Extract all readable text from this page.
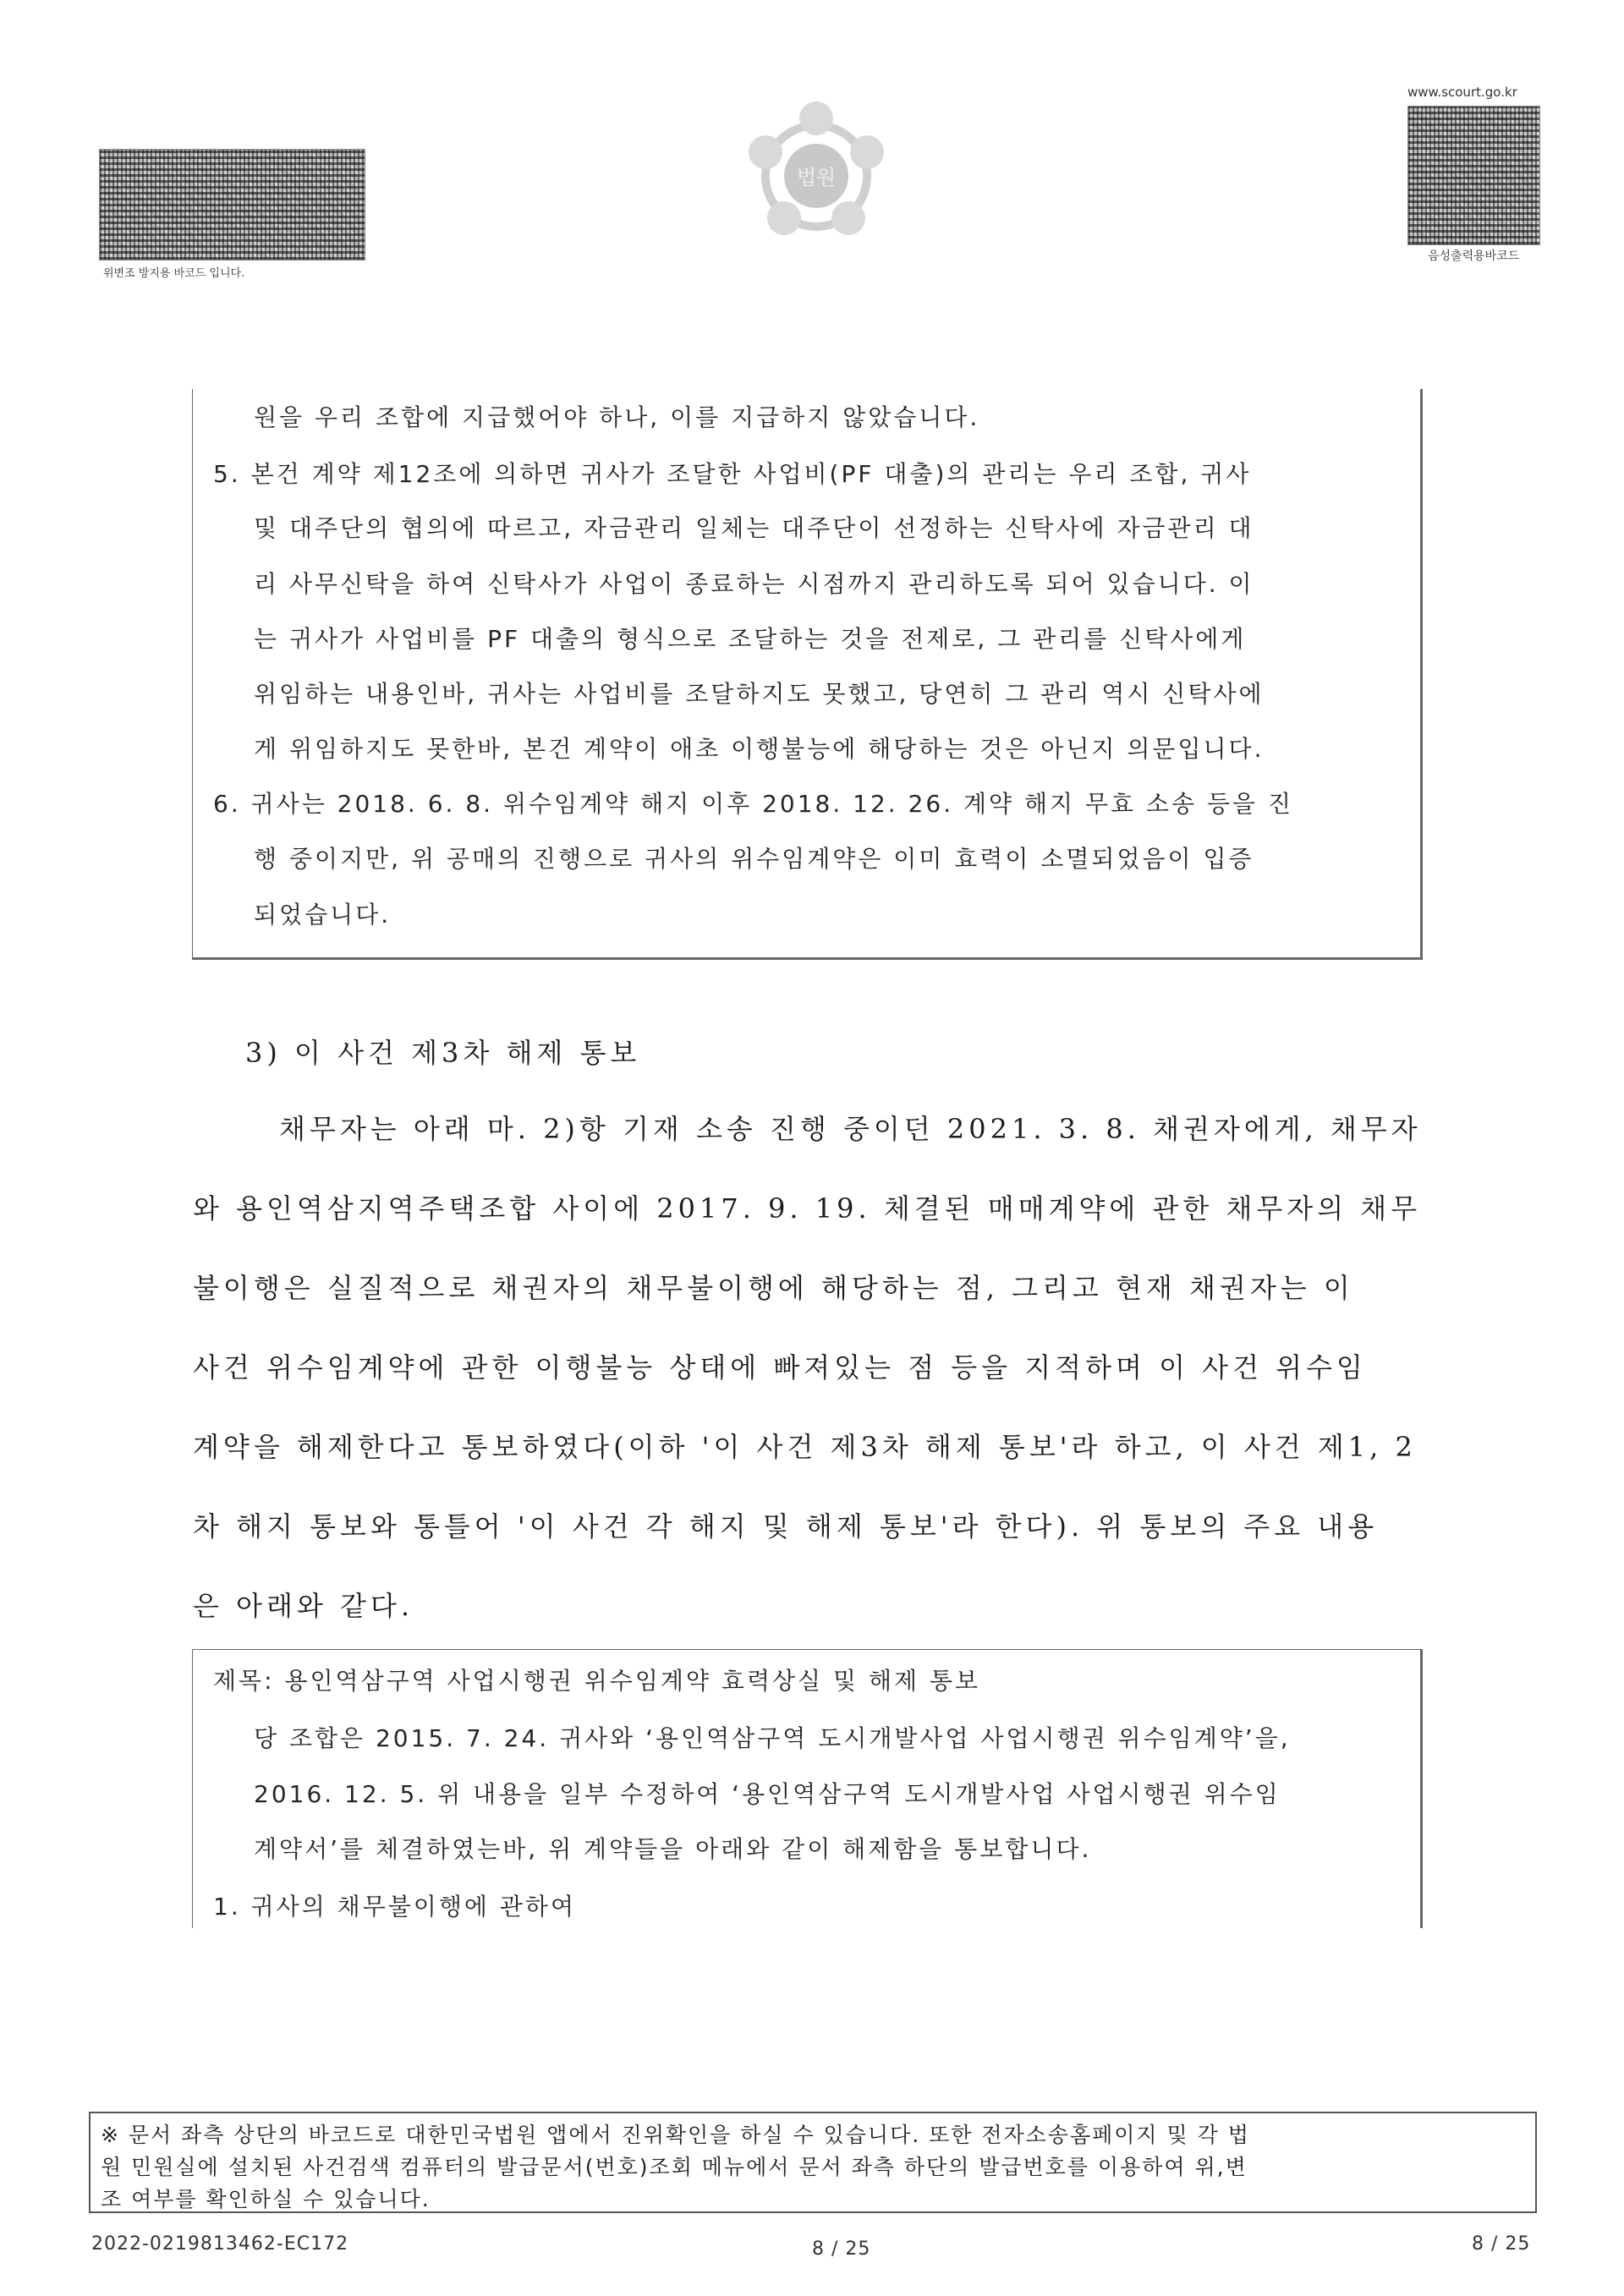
위변조 방지용 바코드 입니다.
법원
www.scourt.go.kr
음성출력용바코드
원을 우리 조합에 지급했어야 하나, 이를 지급하지 않았습니다.
5. 본건 계약 제12조에 의하면 귀사가 조달한 사업비(PF 대출)의 관리는 우리 조합, 귀사
및 대주단의 협의에 따르고, 자금관리 일체는 대주단이 선정하는 신탁사에 자금관리 대
리 사무신탁을 하여 신탁사가 사업이 종료하는 시점까지 관리하도록 되어 있습니다. 이
는 귀사가 사업비를 PF 대출의 형식으로 조달하는 것을 전제로, 그 관리를 신탁사에게
위임하는 내용인바, 귀사는 사업비를 조달하지도 못했고, 당연히 그 관리 역시 신탁사에
게 위임하지도 못한바, 본건 계약이 애초 이행불능에 해당하는 것은 아닌지 의문입니다.
6. 귀사는 2018. 6. 8. 위수임계약 해지 이후 2018. 12. 26. 계약 해지 무효 소송 등을 진
행 중이지만, 위 공매의 진행으로 귀사의 위수임계약은 이미 효력이 소멸되었음이 입증
되었습니다.
3) 이 사건 제3차 해제 통보
채무자는 아래 마. 2)항 기재 소송 진행 중이던 2021. 3. 8. 채권자에게, 채무자
와 용인역삼지역주택조합 사이에 2017. 9. 19. 체결된 매매계약에 관한 채무자의 채무
불이행은 실질적으로 채권자의 채무불이행에 해당하는 점, 그리고 현재 채권자는 이
사건 위수임계약에 관한 이행불능 상태에 빠져있는 점 등을 지적하며 이 사건 위수임
계약을 해제한다고 통보하였다(이하 '이 사건 제3차 해제 통보'라 하고, 이 사건 제1, 2
차 해지 통보와 통틀어 '이 사건 각 해지 및 해제 통보'라 한다). 위 통보의 주요 내용
은 아래와 같다.
제목: 용인역삼구역 사업시행권 위수임계약 효력상실 및 해제 통보
당 조합은 2015. 7. 24. 귀사와 ‘용인역삼구역 도시개발사업 사업시행권 위수임계약’을,
2016. 12. 5. 위 내용을 일부 수정하여 ‘용인역삼구역 도시개발사업 사업시행권 위수임
계약서’를 체결하였는바, 위 계약들을 아래와 같이 해제함을 통보합니다.
1. 귀사의 채무불이행에 관하여
※ 문서 좌측 상단의 바코드로 대한민국법원 앱에서 진위확인을 하실 수 있습니다. 또한 전자소송홈페이지 및 각 법
원 민원실에 설치된 사건검색 컴퓨터의 발급문서(번호)조회 메뉴에서 문서 좌측 하단의 발급번호를 이용하여 위,변
조 여부를 확인하실 수 있습니다.
2022-0219813462-EC172	8 / 25	8 / 25
